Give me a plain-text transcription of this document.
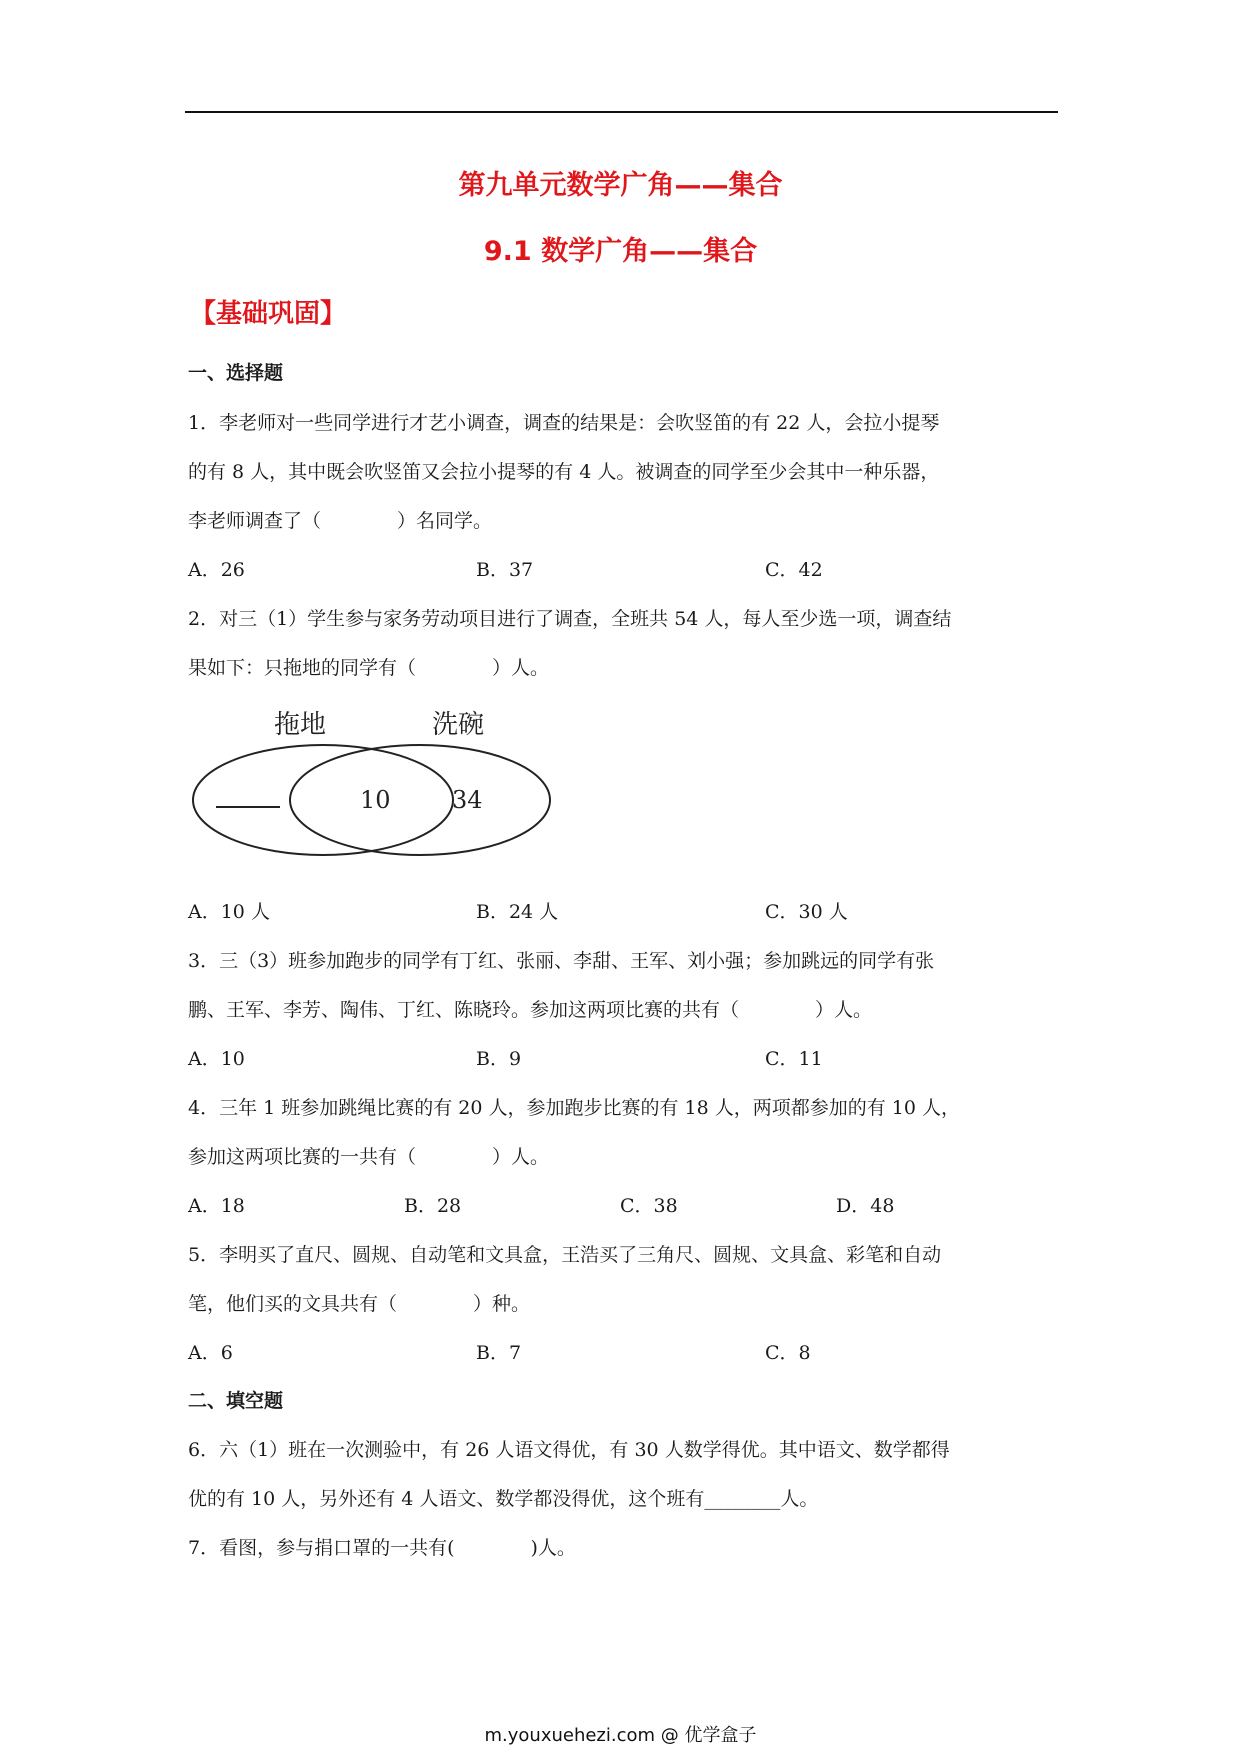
第九单元数学广角——集合
9.1 数学广角——集合
【基础巩固】
一、选择题
1．李老师对一些同学进行才艺小调查，调查的结果是：会吹竖笛的有 22 人，会拉小提琴
的有 8 人，其中既会吹竖笛又会拉小提琴的有 4 人。被调查的同学至少会其中一种乐器，
李老师调查了（　　　　）名同学。
A．26	B．37	C．42
2．对三（1）学生参与家务劳动项目进行了调查，全班共 54 人，每人至少选一项，调查结
果如下：只拖地的同学有（　　　　）人。
拖地	洗碗
10	34
A．10 人	B．24 人	C．30 人
3．三（3）班参加跑步的同学有丁红、张丽、李甜、王军、刘小强；参加跳远的同学有张
鹏、王军、李芳、陶伟、丁红、陈晓玲。参加这两项比赛的共有（　　　　）人。
A．10	B．9	C．11
4．三年 1 班参加跳绳比赛的有 20 人，参加跑步比赛的有 18 人，两项都参加的有 10 人，
参加这两项比赛的一共有（　　　　）人。
A．18	B．28	C．38	D．48
5．李明买了直尺、圆规、自动笔和文具盒，王浩买了三角尺、圆规、文具盒、彩笔和自动
笔，他们买的文具共有（　　　　）种。
A．6	B．7	C．8
二、填空题
6．六（1）班在一次测验中，有 26 人语文得优，有 30 人数学得优。其中语文、数学都得
优的有 10 人，另外还有 4 人语文、数学都没得优，这个班有________人。
7．看图，参与捐口罩的一共有(　　　　)人。
m.youxuehezi.com @ 优学盒子
